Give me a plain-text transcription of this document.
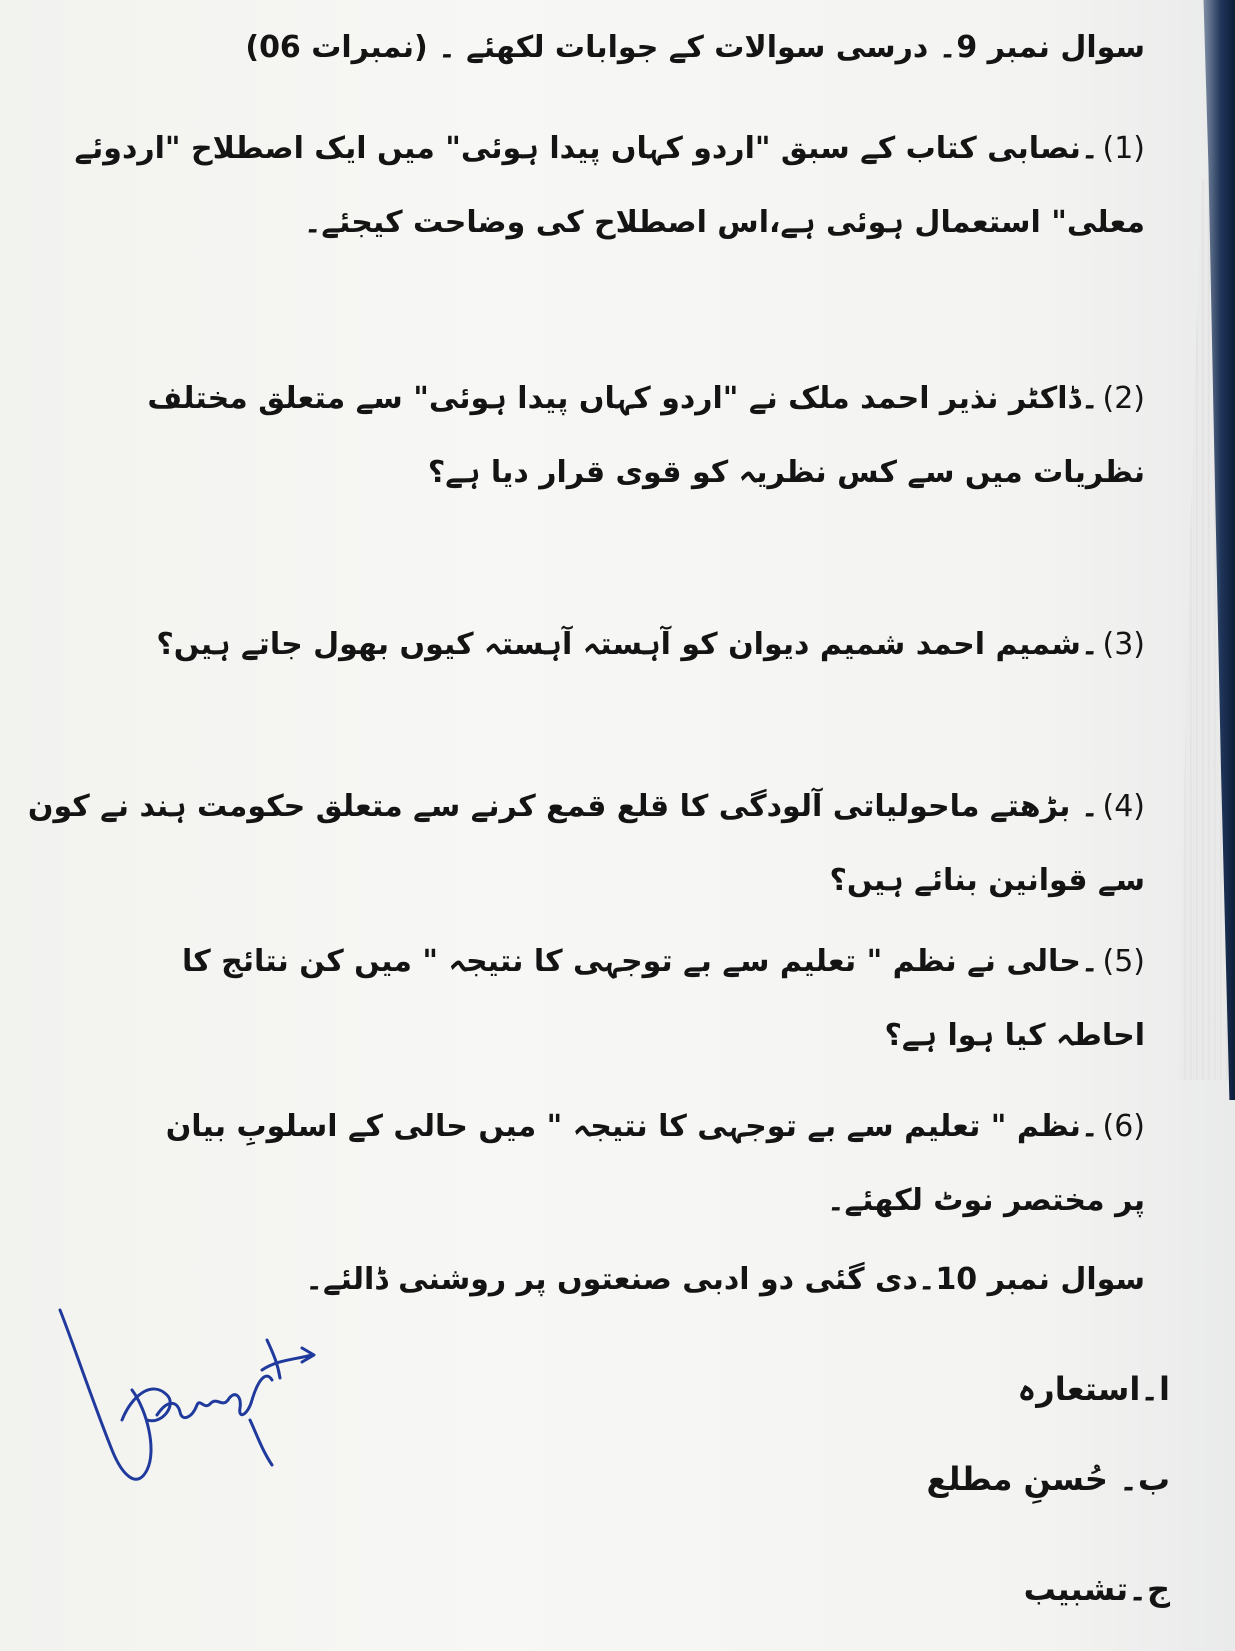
سوال نمبر 9۔ درسی سوالات کے جوابات لکھئے ۔ (نمبرات 06)
(1)۔نصابی کتاب کے سبق "اردو کہاں پیدا ہوئی" میں ایک اصطلاح "اردوئے معلی" استعمال ہوئی ہے،اس اصطلاح کی وضاحت کیجئے۔
(2)۔ڈاکٹر نذیر احمد ملک نے "اردو کہاں پیدا ہوئی" سے متعلق مختلف نظریات میں سے کس نظریہ کو قوی قرار دیا ہے؟
(3)۔شمیم احمد شمیم دیوان کو آہستہ آہستہ کیوں بھول جاتے ہیں؟
(4)۔ بڑھتے ماحولیاتی آلودگی کا قلع قمع کرنے سے متعلق حکومت ہند نے کون سے قوانین بنائے ہیں؟
(5)۔حالی نے نظم " تعلیم سے بے توجہی کا نتیجہ " میں کن نتائج کا احاطہ کیا ہوا ہے؟
(6)۔نظم " تعلیم سے بے توجہی کا نتیجہ " میں حالی کے اسلوبِ بیان پر مختصر نوٹ لکھئے۔
سوال نمبر 10۔دی گئی دو ادبی صنعتوں پر روشنی ڈالئے۔
ا۔استعارہ
ب۔ حُسنِ مطلع
ج۔تشبیب
